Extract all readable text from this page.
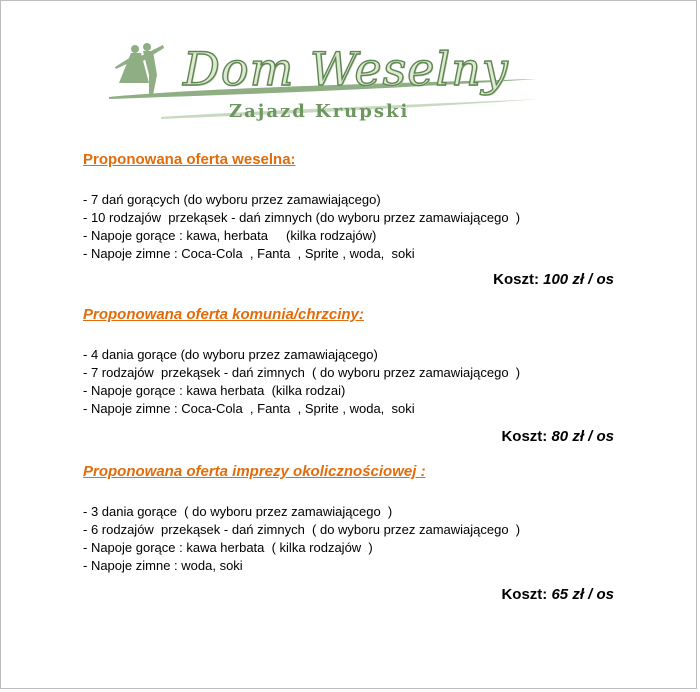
Dom Weselny
Zajazd Krupski
Proponowana oferta weselna:
- 7 dań gorących (do wyboru przez zamawiającego)
- 10 rodzajów  przekąsek - dań zimnych (do wyboru przez zamawiającego  )
- Napoje gorące : kawa, herbata     (kilka rodzajów)
- Napoje zimne : Coca-Cola  , Fanta  , Sprite , woda,  soki
Koszt: 100 zł / os
Proponowana oferta komunia/chrzciny:
- 4 dania gorące (do wyboru przez zamawiającego)
- 7 rodzajów  przekąsek - dań zimnych  ( do wyboru przez zamawiającego  )
- Napoje gorące : kawa herbata  (kilka rodzai)
- Napoje zimne : Coca-Cola  , Fanta  , Sprite , woda,  soki
Koszt: 80 zł / os
Proponowana oferta imprezy okolicznościowej :
- 3 dania gorące  ( do wyboru przez zamawiającego  )
- 6 rodzajów  przekąsek - dań zimnych  ( do wyboru przez zamawiającego  )
- Napoje gorące : kawa herbata  ( kilka rodzajów  )
- Napoje zimne : woda, soki
Koszt: 65 zł / os
